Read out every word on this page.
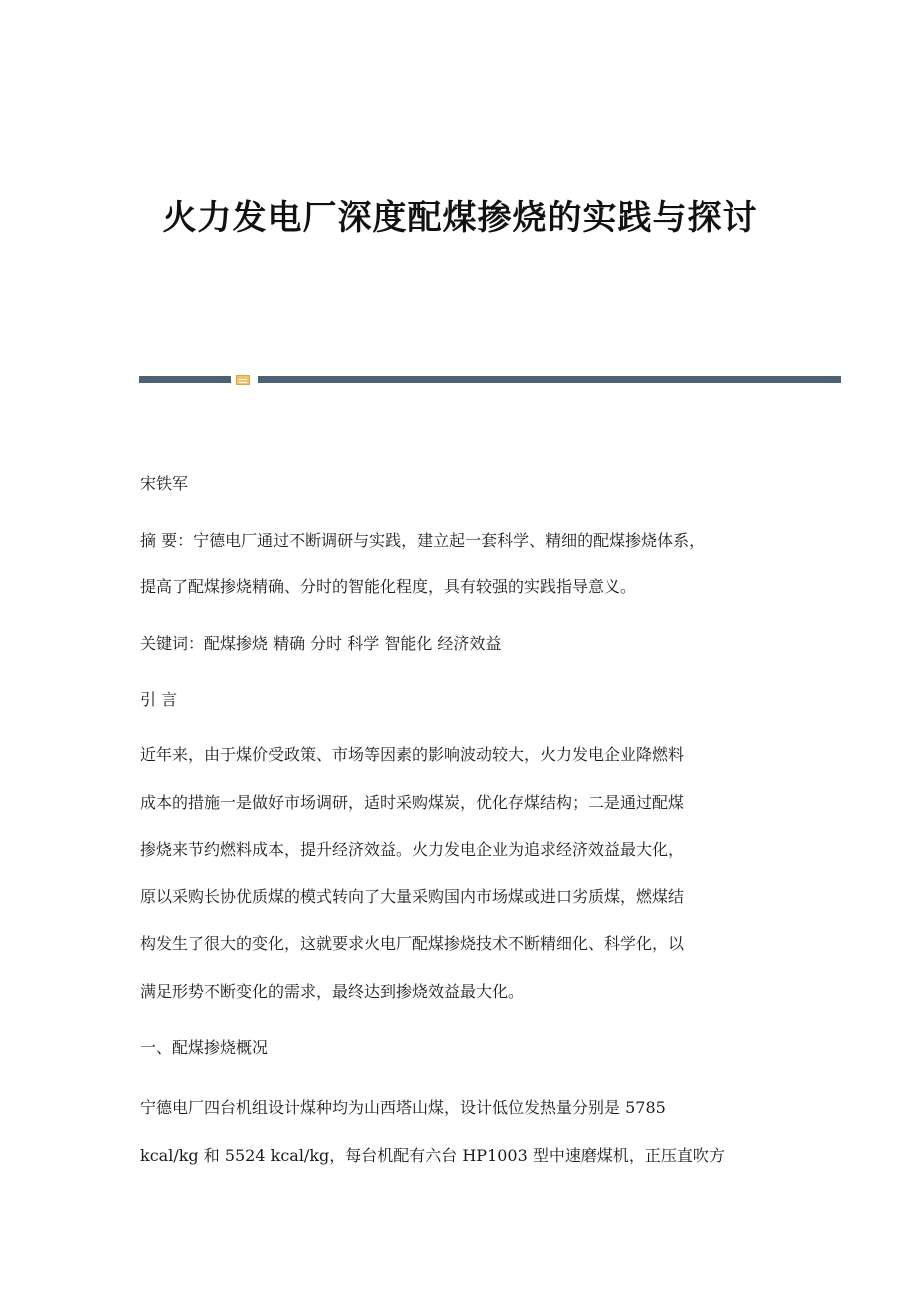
火力发电厂深度配煤掺烧的实践与探讨
宋铁军
摘 要：宁德电厂通过不断调研与实践，建立起一套科学、精细的配煤掺烧体系，
提高了配煤掺烧精确、分时的智能化程度，具有较强的实践指导意义。
关键词：配煤掺烧 精确 分时 科学 智能化 经济效益
引 言
近年来，由于煤价受政策、市场等因素的影响波动较大，火力发电企业降燃料
成本的措施一是做好市场调研，适时采购煤炭，优化存煤结构；二是通过配煤
掺烧来节约燃料成本，提升经济效益。火力发电企业为追求经济效益最大化，
原以采购长协优质煤的模式转向了大量采购国内市场煤或进口劣质煤，燃煤结
构发生了很大的变化，这就要求火电厂配煤掺烧技术不断精细化、科学化，以
满足形势不断变化的需求，最终达到掺烧效益最大化。
一、配煤掺烧概况
宁德电厂四台机组设计煤种均为山西塔山煤，设计低位发热量分别是 5785
kcal/kg 和 5524 kcal/kg，每台机配有六台 HP1003 型中速磨煤机，正压直吹方
